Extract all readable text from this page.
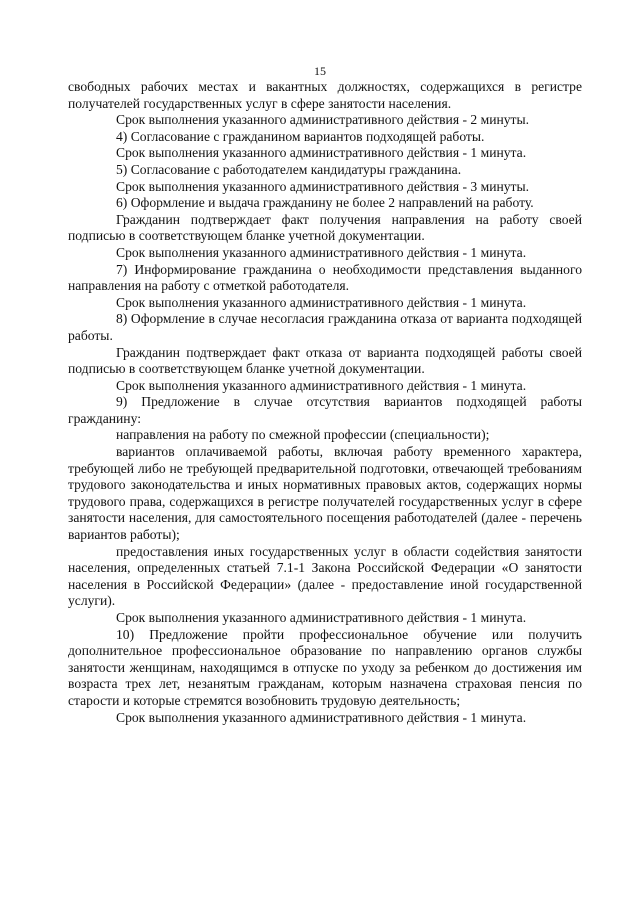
15

свободных рабочих местах и вакантных должностях, содержащихся в регистре получателей государственных услуг в сфере занятости населения.

Срок выполнения указанного административного действия - 2 минуты.

4) Согласование с гражданином вариантов подходящей работы.

Срок выполнения указанного административного действия - 1 минута.

5) Согласование с работодателем кандидатуры гражданина.

Срок выполнения указанного административного действия - 3 минуты.

6) Оформление и выдача гражданину не более 2 направлений на работу.

Гражданин подтверждает факт получения направления на работу своей подписью в соответствующем бланке учетной документации.

Срок выполнения указанного административного действия - 1 минута.

7) Информирование гражданина о необходимости представления выданного направления на работу с отметкой работодателя.

Срок выполнения указанного административного действия - 1 минута.

8) Оформление в случае несогласия гражданина отказа от варианта подходящей работы.

Гражданин подтверждает факт отказа от варианта подходящей работы своей подписью в соответствующем бланке учетной документации.

Срок выполнения указанного административного действия - 1 минута.

9) Предложение в случае отсутствия вариантов подходящей работы гражданину:

направления на работу по смежной профессии (специальности);

вариантов оплачиваемой работы, включая работу временного характера, требующей либо не требующей предварительной подготовки, отвечающей требованиям трудового законодательства и иных нормативных правовых актов, содержащих нормы трудового права, содержащихся в регистре получателей государственных услуг в сфере занятости населения, для самостоятельного посещения работодателей (далее - перечень вариантов работы);

предоставления иных государственных услуг в области содействия занятости населения, определенных статьей 7.1-1 Закона Российской Федерации «О занятости населения в Российской Федерации» (далее - предоставление иной государственной услуги).

Срок выполнения указанного административного действия - 1 минута.

10) Предложение пройти профессиональное обучение или получить дополнительное профессиональное образование по направлению органов службы занятости женщинам, находящимся в отпуске по уходу за ребенком до достижения им возраста трех лет, незанятым гражданам, которым назначена страховая пенсия по старости и которые стремятся возобновить трудовую деятельность;

Срок выполнения указанного административного действия - 1 минута.
